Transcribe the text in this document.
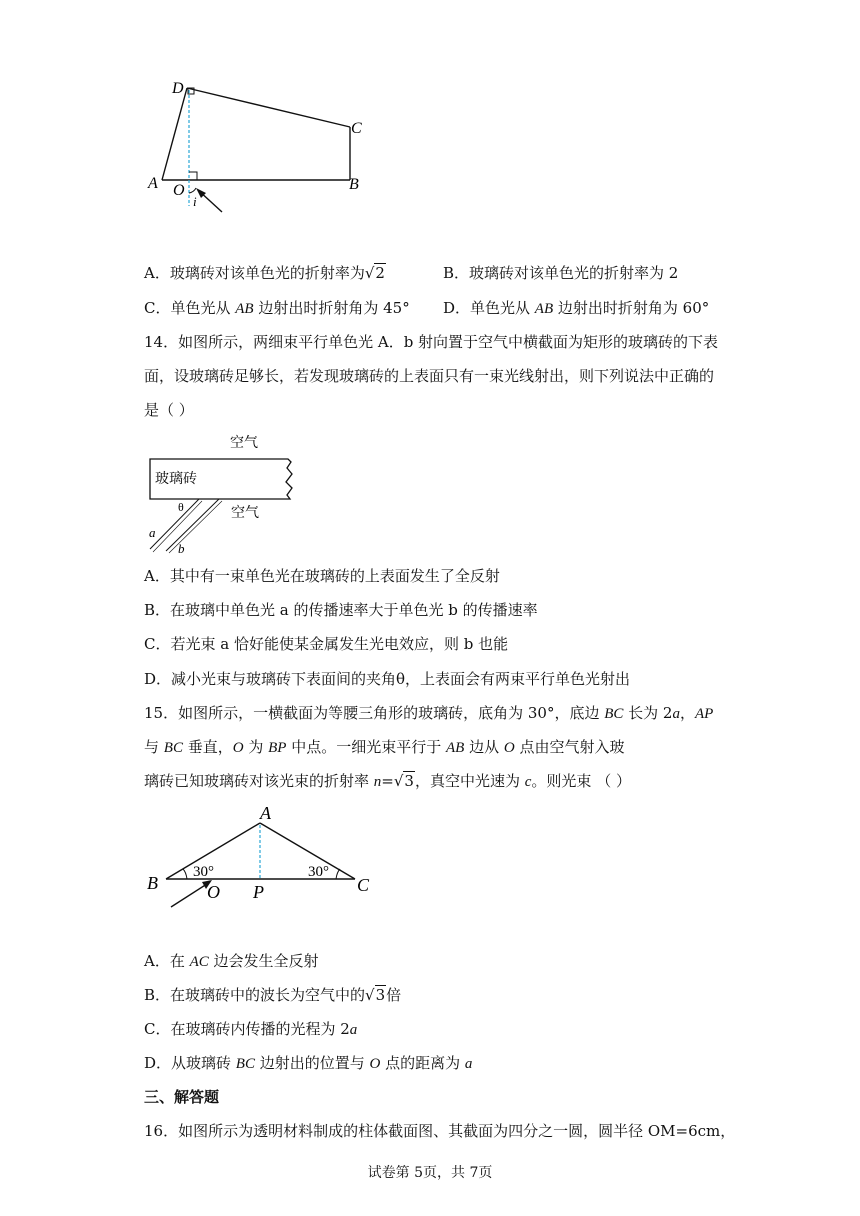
D
C
A O	B
i
A．玻璃砖对该单色光的折射率为√2	B．玻璃砖对该单色光的折射率为 2
C．单色光从 AB 边射出时折射角为 45° D．单色光从 AB 边射出时折射角为 60°
14．如图所示，两细束平行单色光 A．b 射向置于空气中横截面为矩形的玻璃砖的下表
面，设玻璃砖足够长，若发现玻璃砖的上表面只有一束光线射出，则下列说法中正确的
是（ ）
空气
玻璃砖
空气
θ
a
b
A．其中有一束单色光在玻璃砖的上表面发生了全反射
B．在玻璃中单色光 a 的传播速率大于单色光 b 的传播速率
C．若光束 a 恰好能使某金属发生光电效应，则 b 也能
D．减小光束与玻璃砖下表面间的夹角θ，上表面会有两束平行单色光射出
15．如图所示，一横截面为等腰三角形的玻璃砖，底角为 30°，底边 BC 长为 2a，AP
与 BC 垂直，O 为 BP 中点。一细光束平行于 AB 边从 O 点由空气射入玻
璃砖已知玻璃砖对该光束的折射率 n=√3，真空中光速为 c。则光束 （ ）
A
B	C
O P
30°	30°
A．在 AC 边会发生全反射
B．在玻璃砖中的波长为空气中的√3倍
C．在玻璃砖内传播的光程为 2a
D．从玻璃砖 BC 边射出的位置与 O 点的距离为 a
三、解答题
16．如图所示为透明材料制成的柱体截面图、其截面为四分之一圆，圆半径 OM=6cm，
试卷第 5页，共 7页
